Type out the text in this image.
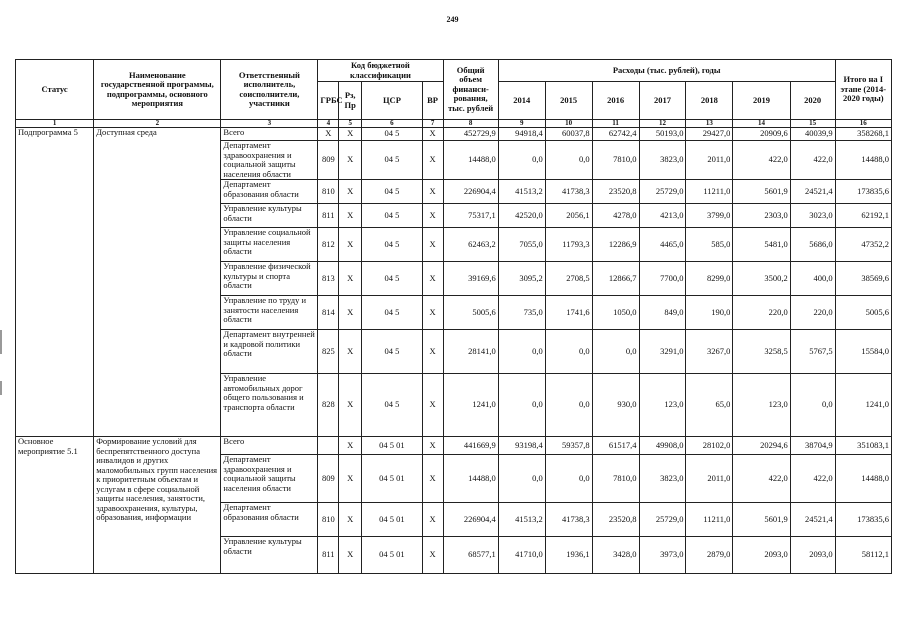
249
Статус	Наименование государственной программы, подпрограммы, основного мероприятия	Ответственный исполнитель, соисполнители, участники	Код бюджетной классификации				Общий объем финанси-рования, тыс. рублей	Расходы (тыс. рублей), годы							Итого на I этапе (2014-2020 годы)
			ГРБС	Рз, Пр	ЦСР	ВР		2014	2015	2016	2017	2018	2019	2020	
1	2	3	4	5	6	7	8	9	10	11	12	13	14	15	16
Подпрограмма 5	Доступная среда	Всего	Х	Х	04 5	Х	452729,9	94918,4	60037,8	62742,4	50193,0	29427,0	20909,6	40039,9	358268,1
		Департамент здравоохранения и социальной защиты населения области	809	Х	04 5	Х	14488,0	0,0	0,0	7810,0	3823,0	2011,0	422,0	422,0	14488,0
		Департамент образования области	810	Х	04 5	Х	226904,4	41513,2	41738,3	23520,8	25729,0	11211,0	5601,9	24521,4	173835,6
		Управление культуры области	811	Х	04 5	Х	75317,1	42520,0	2056,1	4278,0	4213,0	3799,0	2303,0	3023,0	62192,1
		Управление социальной защиты населения области	812	Х	04 5	Х	62463,2	7055,0	11793,3	12286,9	4465,0	585,0	5481,0	5686,0	47352,2
		Управление физической культуры и спорта области	813	Х	04 5	Х	39169,6	3095,2	2708,5	12866,7	7700,0	8299,0	3500,2	400,0	38569,6
		Управление по труду и занятости населения области	814	Х	04 5	Х	5005,6	735,0	1741,6	1050,0	849,0	190,0	220,0	220,0	5005,6
		Департамент внутренней и кадровой политики области	825	Х	04 5	Х	28141,0	0,0	0,0	0,0	3291,0	3267,0	3258,5	5767,5	15584,0
		Управление автомобильных дорог общего пользования и транспорта области	828	Х	04 5	Х	1241,0	0,0	0,0	930,0	123,0	65,0	123,0	0,0	1241,0
Основное мероприятие 5.1	Формирование условий для беспрепятственного доступа инвалидов и других маломобильных групп населения к приоритетным объектам и услугам в сфере социальной защиты населения, занятости, здравоохранения, культуры, образования, информации	Всего		Х	04 5 01	Х	441669,9	93198,4	59357,8	61517,4	49908,0	28102,0	20294,6	38704,9	351083,1
		Департамент здравоохранения и социальной защиты населения области	809	Х	04 5 01	Х	14488,0	0,0	0,0	7810,0	3823,0	2011,0	422,0	422,0	14488,0
		Департамент образования области	810	Х	04 5 01	Х	226904,4	41513,2	41738,3	23520,8	25729,0	11211,0	5601,9	24521,4	173835,6
		Управление культуры области	811	Х	04 5 01	Х	68577,1	41710,0	1936,1	3428,0	3973,0	2879,0	2093,0	2093,0	58112,1
